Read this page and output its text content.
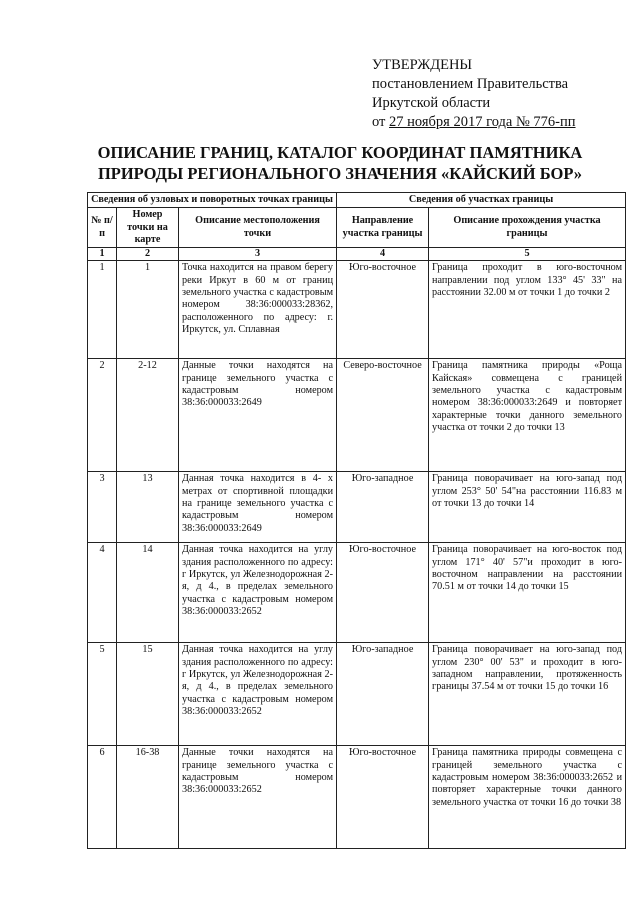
УТВЕРЖДЕНЫ
постановлением Правительства
Иркутской области
от 27 ноября 2017 года № 776-пп
ОПИСАНИЕ ГРАНИЦ, КАТАЛОГ КООРДИНАТ ПАМЯТНИКА
ПРИРОДЫ РЕГИОНАЛЬНОГО ЗНАЧЕНИЯ «КАЙСКИЙ БОР»
Сведения об узловых и поворотных точках границы			Сведения об участках границы	
№ п/п	Номер точки на карте	Описание местоположения точки	Направление участка границы	Описание прохождения участка границы
1	2	3	4	5
1	1	Точка находится на правом берегу реки Иркут в 60 м от границ земельного участка с кадастровым номером 38:36:000033:28362, расположенного по адресу: г. Иркутск, ул. Сплавная	Юго-восточное	Граница проходит в юго-восточном направлении под углом 133° 45' 33" на расстоянии 32.00 м от точки 1 до точки 2
2	2-12	Данные точки находятся на границе земельного участка с кадастровым номером 38:36:000033:2649	Северо-восточное	Граница памятника природы «Роща Кайская» совмещена с границей земельного участка с кадастровым номером 38:36:000033:2649 и повторяет характерные точки данного земельного участка от точки 2 до точки 13
3	13	Данная точка находится в 4- х метрах от спортивной площадки на границе земельного участка с кадастровым номером 38:36:000033:2649	Юго-западное	Граница поворачивает на юго-запад под углом 253° 50' 54"на расстоянии 116.83 м от точки 13 до точки 14
4	14	Данная точка находится на углу здания расположенного по адресу: г Иркутск, ул Железнодорожная 2-я, д 4., в пределах земельного участка с кадастровым номером 38:36:000033:2652	Юго-восточное	Граница поворачивает на юго-восток под углом 171° 40' 57"и проходит в юго-восточном направлении на расстоянии 70.51 м от точки 14 до точки 15
5	15	Данная точка находится на углу здания расположенного по адресу: г Иркутск, ул Железнодорожная 2-я, д 4., в пределах земельного участка с кадастровым номером 38:36:000033:2652	Юго-западное	Граница поворачивает на юго-запад под углом 230° 00' 53" и проходит в юго-западном направлении, протяженность границы 37.54 м от точки 15 до точки 16
6	16-38	Данные точки находятся на границе земельного участка с кадастровым номером 38:36:000033:2652	Юго-восточное	Граница памятника природы совмещена с границей земельного участка с кадастровым номером 38:36:000033:2652 и повторяет характерные точки данного земельного участка от точки 16 до точки 38
